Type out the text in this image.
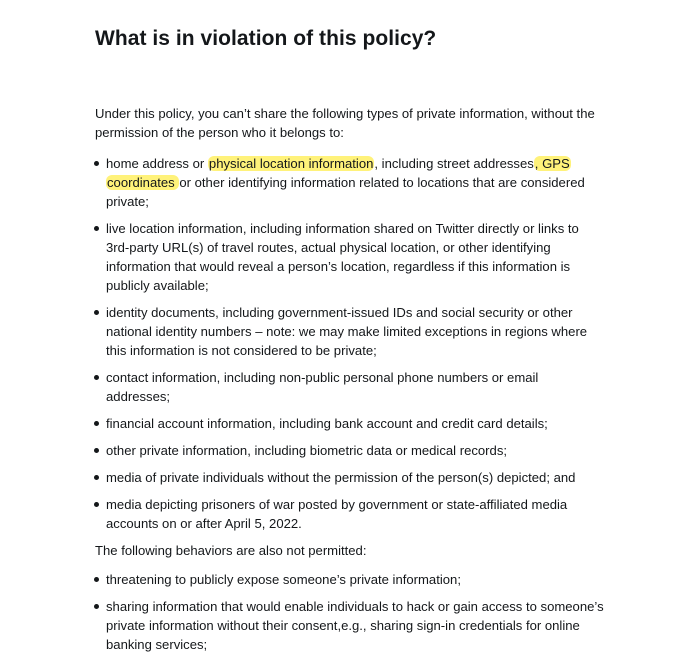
What is in violation of this policy?

Under this policy, you can’t share the following types of private information, without the permission of the person who it belongs to:

home address or physical location information, including street addresses, GPS coordinates or other identifying information related to locations that are considered private;
live location information, including information shared on Twitter directly or links to 3rd-party URL(s) of travel routes, actual physical location, or other identifying information that would reveal a person’s location, regardless if this information is publicly available;
identity documents, including government-issued IDs and social security or other national identity numbers – note: we may make limited exceptions in regions where this information is not considered to be private;
contact information, including non-public personal phone numbers or email addresses;
financial account information, including bank account and credit card details;
other private information, including biometric data or medical records;
media of private individuals without the permission of the person(s) depicted; and
media depicting prisoners of war posted by government or state-affiliated media accounts on or after April 5, 2022.

The following behaviors are also not permitted:

threatening to publicly expose someone’s private information;
sharing information that would enable individuals to hack or gain access to someone’s private information without their consent,e.g., sharing sign-in credentials for online banking services;
